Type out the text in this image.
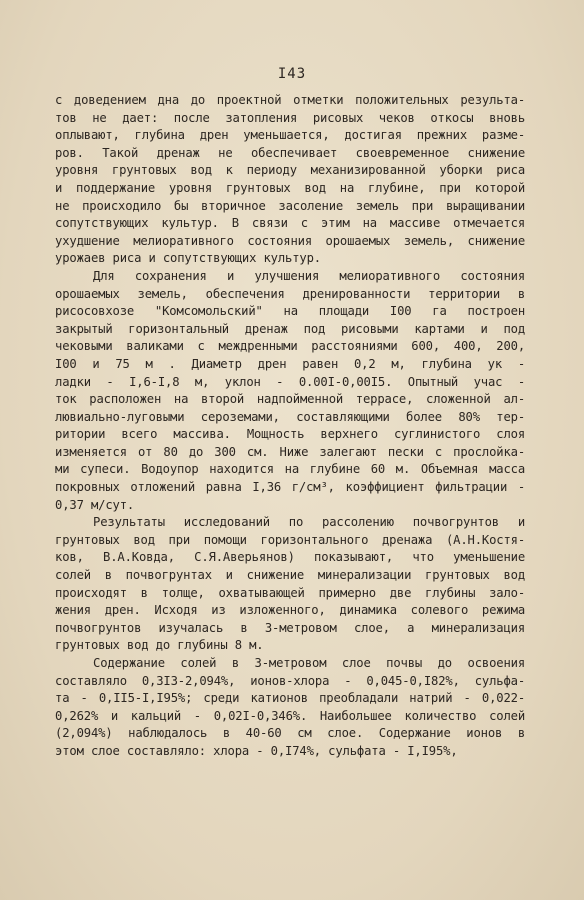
I43
с доведением дна до проектной отметки положительных результа-
тов не дает: после затопления рисовых чеков откосы вновь
оплывают, глубина дрен уменьшается, достигая прежних разме-
ров. Такой дренаж не обеспечивает своевременное снижение
уровня грунтовых вод к периоду механизированной уборки риса
и поддержание уровня грунтовых вод на глубине, при которой
не происходило бы вторичное засоление земель при выращивании
сопутствующих культур. В связи с этим на массиве отмечается
ухудшение мелиоративного состояния орошаемых земель, снижение
урожаев риса и сопутствующих культур.
Для сохранения и улучшения мелиоративного состояния
орошаемых земель, обеспечения дренированности территории в
рисосовхозе "Комсомольский" на площади I00 га построен
закрытый горизонтальный дренаж под рисовыми картами и под
чековыми валиками с междренными расстояниями 600, 400, 200,
I00 и 75 м . Диаметр дрен равен 0,2 м, глубина ук -
ладки - I,6-I,8 м, уклон - 0.00I-0,00I5. Опытный учас -
ток расположен на второй надпойменной террасе, сложенной ал-
лювиально-луговыми сероземами, составляющими более 80% тер-
ритории всего массива. Мощность верхнего суглинистого слоя
изменяется от 80 до 300 см. Ниже залегают пески с прослойка-
ми супеси. Водоупор находится на глубине 60 м. Объемная масса
покровных отложений равна I,36 г/см³, коэффициент фильтрации -
0,37 м/сут.
Результаты исследований по рассолению почвогрунтов и
грунтовых вод при помощи горизонтального дренажа (А.Н.Костя-
ков, В.А.Ковда, С.Я.Аверьянов) показывают, что уменьшение
солей в почвогрунтах и снижение минерализации грунтовых вод
происходят в толще, охватывающей примерно две глубины зало-
жения дрен. Исходя из изложенного, динамика солевого режима
почвогрунтов изучалась в 3-метровом слое, а минерализация
грунтовых вод до глубины 8 м.
Содержание солей в 3-метровом слое почвы до освоения
составляло 0,3I3-2,094%, ионов-хлора - 0,045-0,I82%, сульфа-
та - 0,II5-I,I95%; среди катионов преобладали натрий - 0,022-
0,262% и кальций - 0,02I-0,346%. Наибольшее количество солей
(2,094%) наблюдалось в 40-60 см слое. Содержание ионов в
этом слое составляло: хлора - 0,I74%, сульфата - I,I95%,
